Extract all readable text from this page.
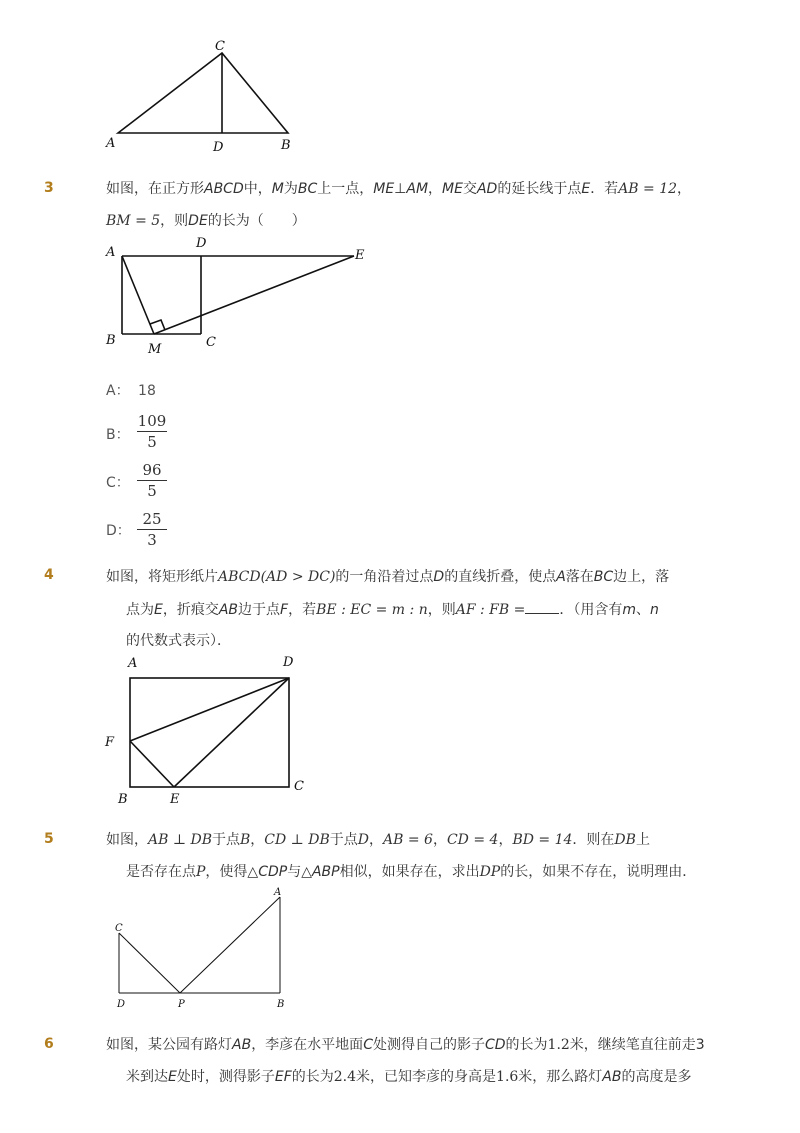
C
A	D	B
3	如图，在正方形ABCD中，M为BC上一点，ME⊥AM，ME交AD的延长线于点E．若AB = 12，
BM = 5，则DE的长为（　　）
A
D
E
B
M	C
A： 18
B：
109
5
C：
96
5
D：
25
3
4	如图，将矩形纸片ABCD(AD > DC)的一角沿着过点D的直线折叠，使点A落在BC边上，落
点为E，折痕交AB边于点F，若BE : EC = m : n，则AF : FB = ．（用含有m、n
的代数式表示）．
A	D
F
B	E
C
5	如图，AB ⊥ DB于点B，CD ⊥ DB于点D，AB = 6，CD = 4，BD = 14．则在DB上
是否存在点P，使得△CDP与△ABP相似，如果存在，求出DP的长，如果不存在，说明理由．
A
C
D	P	B
6	如图，某公园有路灯AB，李彦在水平地面C处测得自己的影子CD的长为1.2米，继续笔直往前走3
米到达E处时，测得影子EF的长为2.4米，已知李彦的身高是1.6米，那么路灯AB的高度是多
